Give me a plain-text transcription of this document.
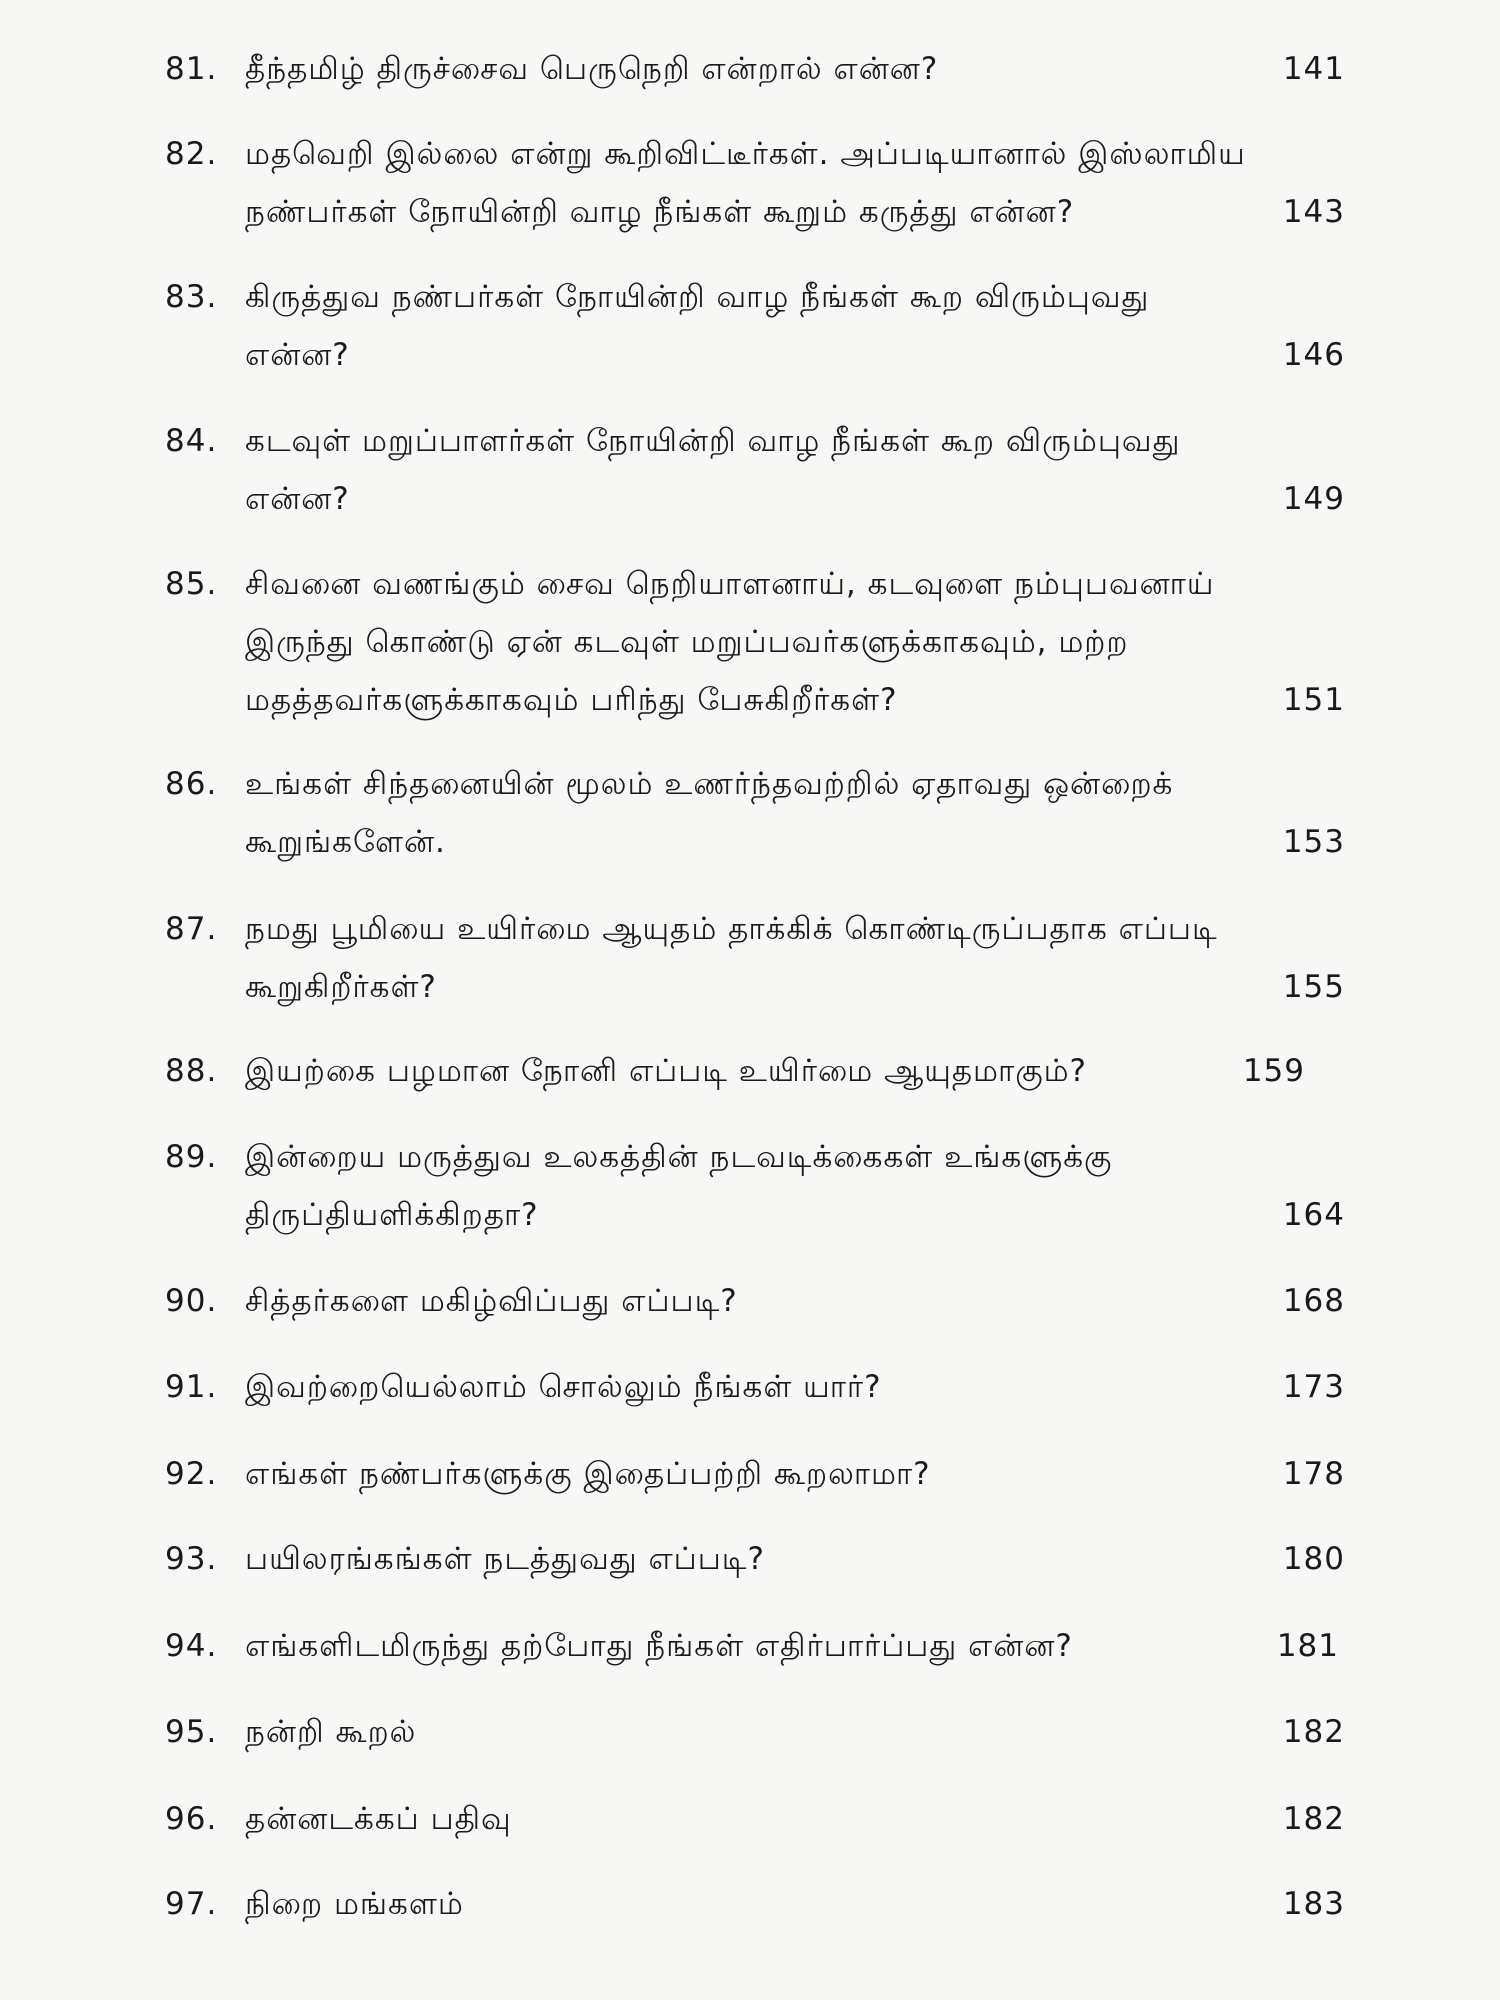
81. தீந்தமிழ் திருச்சைவ பெருநெறி என்றால் என்ன?	141
82. மதவெறி இல்லை என்று கூறிவிட்டீர்கள். அப்படியானால் இஸ்லாமிய
நண்பர்கள் நோயின்றி வாழ நீங்கள் கூறும் கருத்து என்ன?	143
83. கிருத்துவ நண்பர்கள் நோயின்றி வாழ நீங்கள் கூற விரும்புவது
என்ன?	146
84. கடவுள் மறுப்பாளர்கள் நோயின்றி வாழ நீங்கள் கூற விரும்புவது
என்ன?	149
85. சிவனை வணங்கும் சைவ நெறியாளனாய், கடவுளை நம்புபவனாய்
இருந்து கொண்டு ஏன் கடவுள் மறுப்பவர்களுக்காகவும், மற்ற
மதத்தவர்களுக்காகவும் பரிந்து பேசுகிறீர்கள்?	151
86. உங்கள் சிந்தனையின் மூலம் உணர்ந்தவற்றில் ஏதாவது ஒன்றைக்
கூறுங்களேன்.	153
87. நமது பூமியை உயிர்மை ஆயுதம் தாக்கிக் கொண்டிருப்பதாக எப்படி
கூறுகிறீர்கள்?	155
88. இயற்கை பழமான நோனி எப்படி உயிர்மை ஆயுதமாகும்?	159
89. இன்றைய மருத்துவ உலகத்தின் நடவடிக்கைகள் உங்களுக்கு
திருப்தியளிக்கிறதா?	164
90. சித்தர்களை மகிழ்விப்பது எப்படி?	168
91. இவற்றையெல்லாம் சொல்லும் நீங்கள் யார்?	173
92. எங்கள் நண்பர்களுக்கு இதைப்பற்றி கூறலாமா?	178
93. பயிலரங்கங்கள் நடத்துவது எப்படி?	180
94. எங்களிடமிருந்து தற்போது நீங்கள் எதிர்பார்ப்பது என்ன?	181
95. நன்றி கூறல்	182
96. தன்னடக்கப் பதிவு	182
97. நிறை மங்களம்	183
